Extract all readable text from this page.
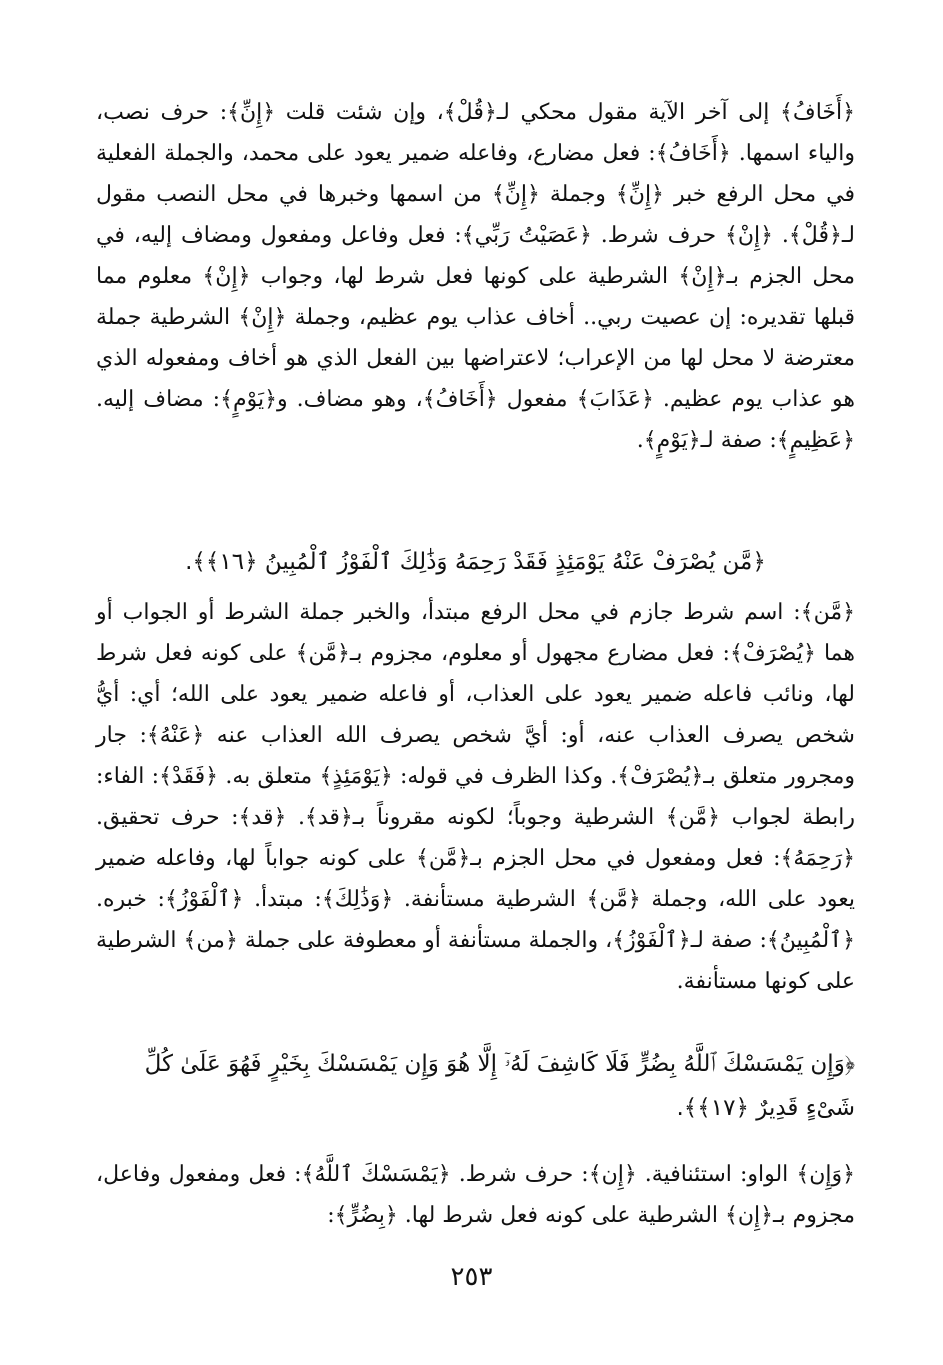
﴿أَخَافُ﴾ إلى آخر الآية مقول محكي لـ﴿قُلْ﴾، وإن شئت قلت ﴿إِنِّ﴾: حرف نصب، والياء اسمها. ﴿أَخَافُ﴾: فعل مضارع، وفاعله ضمير يعود على محمد، والجملة الفعلية في محل الرفع خبر ﴿إِنِّ﴾ وجملة ﴿إِنِّ﴾ من اسمها وخبرها في محل النصب مقول لـ﴿قُلْ﴾. ﴿إِنْ﴾ حرف شرط. ﴿عَصَيْتُ رَبِّي﴾: فعل وفاعل ومفعول ومضاف إليه، في محل الجزم بـ﴿إِنْ﴾ الشرطية على كونها فعل شرط لها، وجواب ﴿إِنْ﴾ معلوم مما قبلها تقديره: إن عصيت ربي.. أخاف عذاب يوم عظيم، وجملة ﴿إِنْ﴾ الشرطية جملة معترضة لا محل لها من الإعراب؛ لاعتراضها بين الفعل الذي هو أخاف ومفعوله الذي هو عذاب يوم عظيم. ﴿عَذَابَ﴾ مفعول ﴿أَخَافُ﴾، وهو مضاف. و﴿يَوْمٍ﴾: مضاف إليه. ﴿عَظِيمٍ﴾: صفة لـ﴿يَوْمٍ﴾.

﴿مَّن يُصْرَفْ عَنْهُ يَوْمَئِذٍ فَقَدْ رَحِمَهُ وَذَٰلِكَ ٱلْفَوْزُ ٱلْمُبِينُ ﴿١٦﴾﴾.

﴿مَّن﴾: اسم شرط جازم في محل الرفع مبتدأ، والخبر جملة الشرط أو الجواب أو هما ﴿يُصْرَفْ﴾: فعل مضارع مجهول أو معلوم، مجزوم بـ﴿مَّن﴾ على كونه فعل شرط لها، ونائب فاعله ضمير يعود على العذاب، أو فاعله ضمير يعود على الله؛ أي: أيُّ شخص يصرف العذاب عنه، أو: أيَّ شخص يصرف الله العذاب عنه ﴿عَنْهُ﴾: جار ومجرور متعلق بـ﴿يُصْرَفْ﴾. وكذا الظرف في قوله: ﴿يَوْمَئِذٍ﴾ متعلق به. ﴿فَقَدْ﴾: الفاء: رابطة لجواب ﴿مَّن﴾ الشرطية وجوباً؛ لكونه مقروناً بـ﴿قد﴾. ﴿قد﴾: حرف تحقيق. ﴿رَحِمَهُ﴾: فعل ومفعول في محل الجزم بـ﴿مَّن﴾ على كونه جواباً لها، وفاعله ضمير يعود على الله، وجملة ﴿مَّن﴾ الشرطية مستأنفة. ﴿وَذَٰلِكَ﴾: مبتدأ. ﴿ٱلْفَوْزُ﴾: خبره. ﴿ٱلْمُبِينُ﴾: صفة لـ﴿ٱلْفَوْزُ﴾، والجملة مستأنفة أو معطوفة على جملة ﴿من﴾ الشرطية على كونها مستأنفة.

﴿وَإِن يَمْسَسْكَ ٱللَّهُ بِضُرٍّ فَلَا كَاشِفَ لَهُۥٓ إِلَّا هُوَ وَإِن يَمْسَسْكَ بِخَيْرٍ فَهُوَ عَلَىٰ كُلِّ

شَىْءٍ قَدِيرٌ ﴿١٧﴾﴾.

﴿وَإِن﴾ الواو: استئنافية. ﴿إِن﴾: حرف شرط. ﴿يَمْسَسْكَ ٱللَّهُ﴾: فعل ومفعول وفاعل، مجزوم بـ﴿إِن﴾ الشرطية على كونه فعل شرط لها. ﴿بِضُرٍّ﴾:

٢٥٣
